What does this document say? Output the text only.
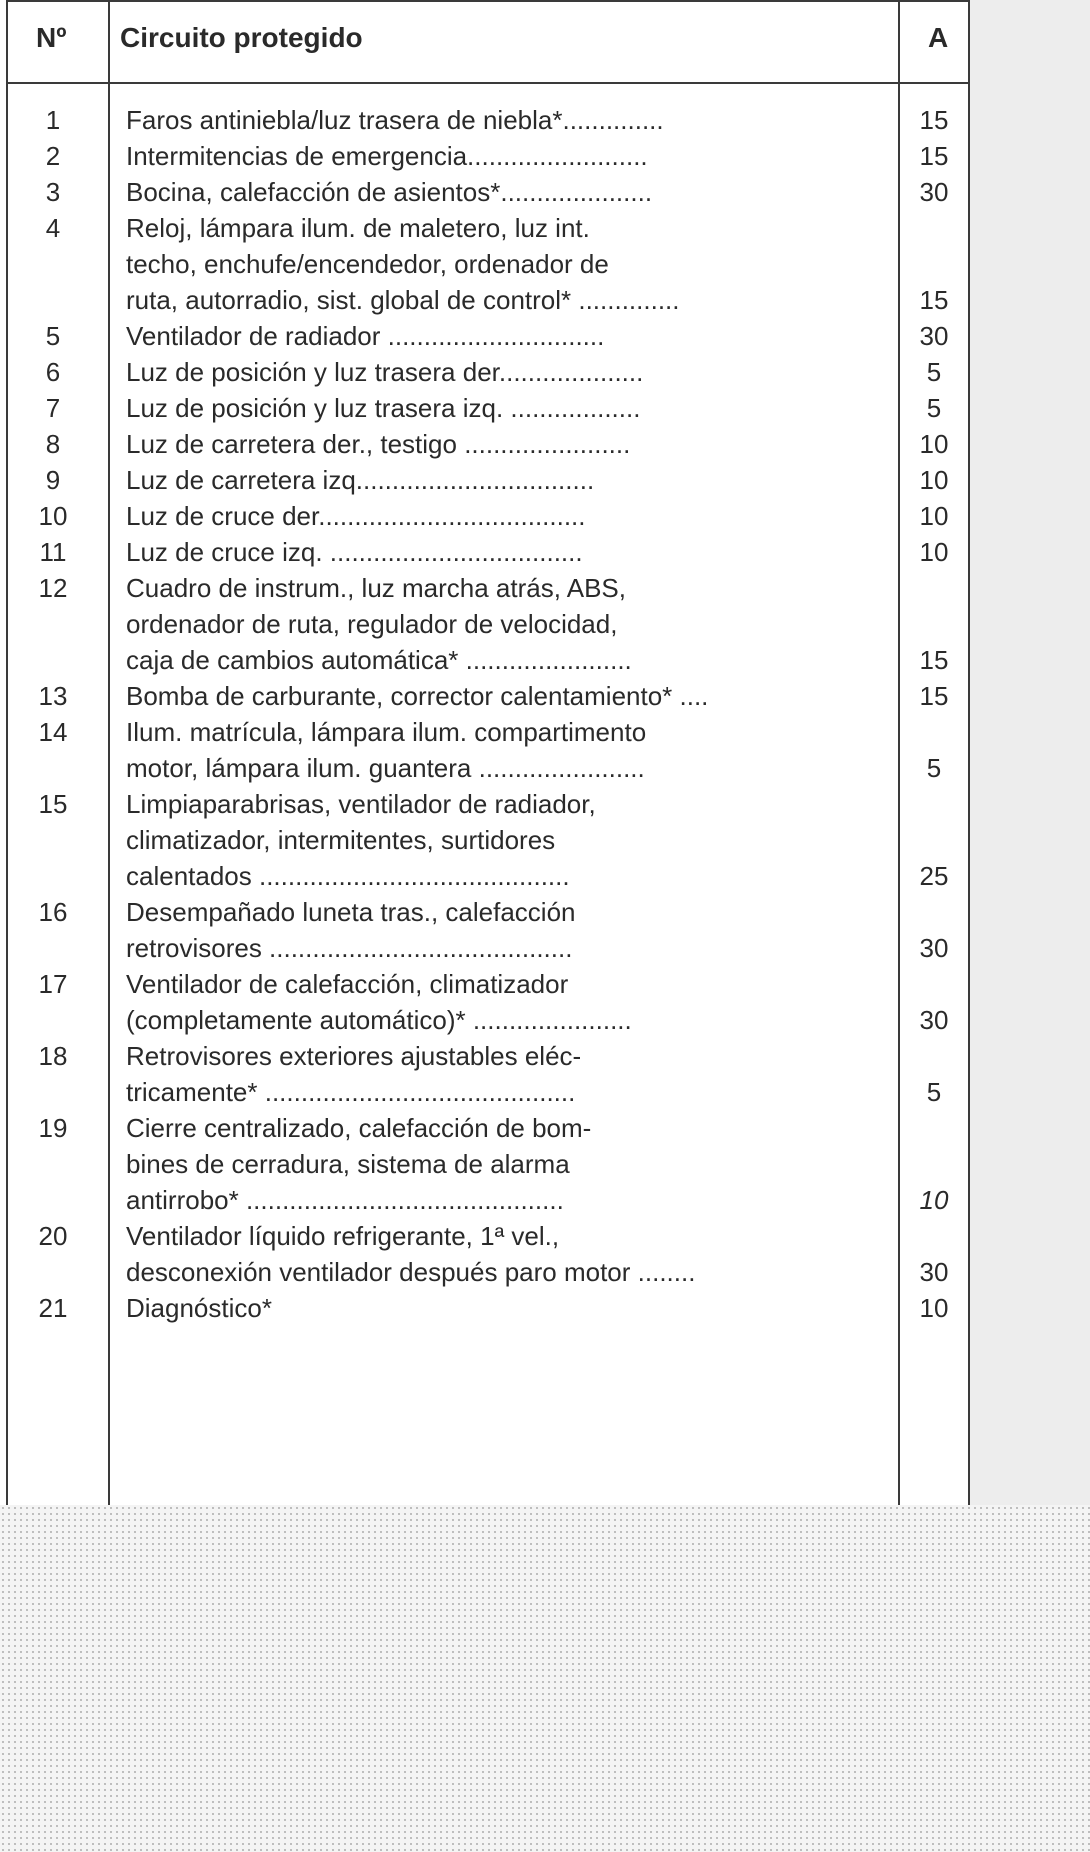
Nº Circuito protegido	A
1	Faros antiniebla/luz trasera de niebla*..............	15
2	Intermitencias de emergencia.........................	15
3	Bocina, calefacción de asientos*.....................	30
4	Reloj, lámpara ilum. de maletero, luz int.
techo, enchufe/encendedor, ordenador de
ruta, autorradio, sist. global de control* ..............	15
5	Ventilador de radiador ..............................	30
6	Luz de posición y luz trasera der....................	5
7	Luz de posición y luz trasera izq. ..................	5
8	Luz de carretera der., testigo .......................	10
9	Luz de carretera izq.................................	10
10	Luz de cruce der.....................................	10
11	Luz de cruce izq. ...................................	10
12	Cuadro de instrum., luz marcha atrás, ABS,
ordenador de ruta, regulador de velocidad,
caja de cambios automática* .......................	15
13	Bomba de carburante, corrector calentamiento* ....	15
14	Ilum. matrícula, lámpara ilum. compartimento
motor, lámpara ilum. guantera .......................	5
15	Limpiaparabrisas, ventilador de radiador,
climatizador, intermitentes, surtidores
calentados ...........................................	25
16	Desempañado luneta tras., calefacción
retrovisores ..........................................	30
17	Ventilador de calefacción, climatizador
(completamente automático)* ......................	30
18	Retrovisores exteriores ajustables eléc-
tricamente* ...........................................	5
19	Cierre centralizado, calefacción de bom-
bines de cerradura, sistema de alarma
antirrobo* ............................................	10
20	Ventilador líquido refrigerante, 1ª vel.,
desconexión ventilador después paro motor ........	30
21	Diagnóstico*	10
